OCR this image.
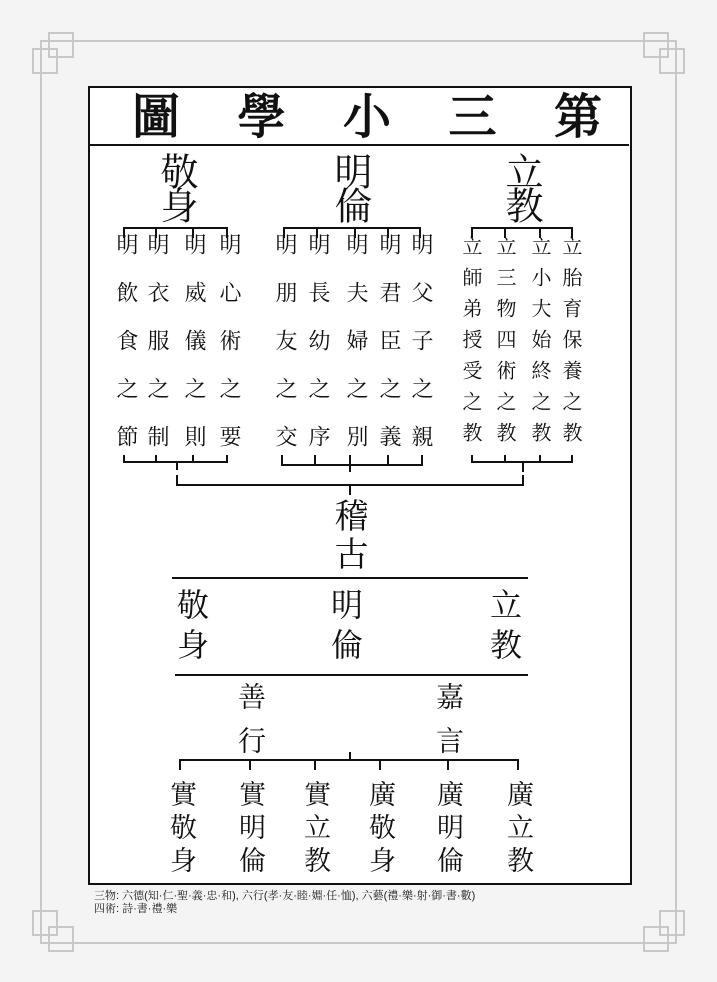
圖 學 小 三 第
敬身	明倫	立教
明飲食之節 明衣服之制 明威儀之則 明心術之要 明朋友之交 明長幼之序 明夫婦之別 明君臣之義 明父子之親 立師弟授受之教 立三物四術之教 立小大始終之教 立胎育保養之教
稽古
敬身	明倫	立教
善行	嘉言
實敬身 實明倫 實立教 廣敬身 廣明倫 廣立教
三物: 六德(知·仁·聖·義·忠·和), 六行(孝·友·睦·婣·任·恤), 六藝(禮·樂·射·御·書·數)
四術: 詩·書·禮·樂
